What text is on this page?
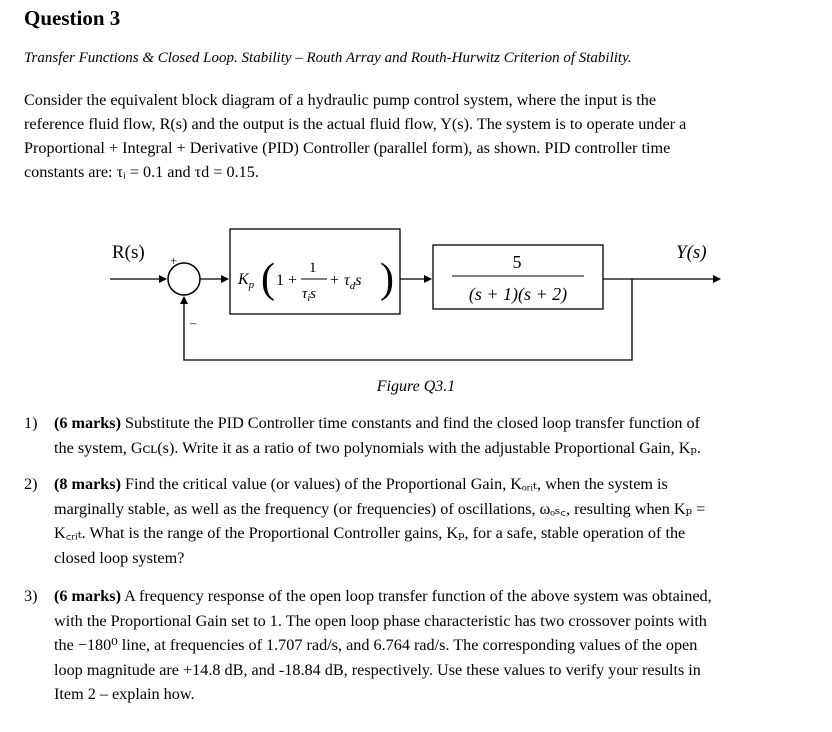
Question 3
Transfer Functions & Closed Loop. Stability – Routh Array and Routh-Hurwitz Criterion of Stability.
Consider the equivalent block diagram of a hydraulic pump control system, where the input is the
reference fluid flow, R(s) and the output is the actual fluid flow, Y(s). The system is to operate under a
Proportional + Integral + Derivative (PID) Controller (parallel form), as shown. PID controller time
constants are: τᵢ = 0.1 and τd = 0.15.
R(s) +
–
$K_p$ ( 1 +
1
$\tau_is$
+ $\tau_ds$ )	5
(s + 1)(s + 2)
Y(s)
Figure Q3.1
1) (6 marks) Substitute the PID Controller time constants and find the closed loop transfer function of
the system, Gᴄʟ(s). Write it as a ratio of two polynomials with the adjustable Proportional Gain, Kₚ.
2) (8 marks) Find the critical value (or values) of the Proportional Gain, Kₒᵣᵢₜ, when the system is
marginally stable, as well as the frequency (or frequencies) of oscillations, ωₒₛ꜀, resulting when Kₚ =
K꜀ᵣᵢₜ. What is the range of the Proportional Controller gains, Kₚ, for a safe, stable operation of the
closed loop system?
3) (6 marks) A frequency response of the open loop transfer function of the above system was obtained,
with the Proportional Gain set to 1. The open loop phase characteristic has two crossover points with
the −180⁰ line, at frequencies of 1.707 rad/s, and 6.764 rad/s. The corresponding values of the open
loop magnitude are +14.8 dB, and -18.84 dB, respectively. Use these values to verify your results in
Item 2 – explain how.
